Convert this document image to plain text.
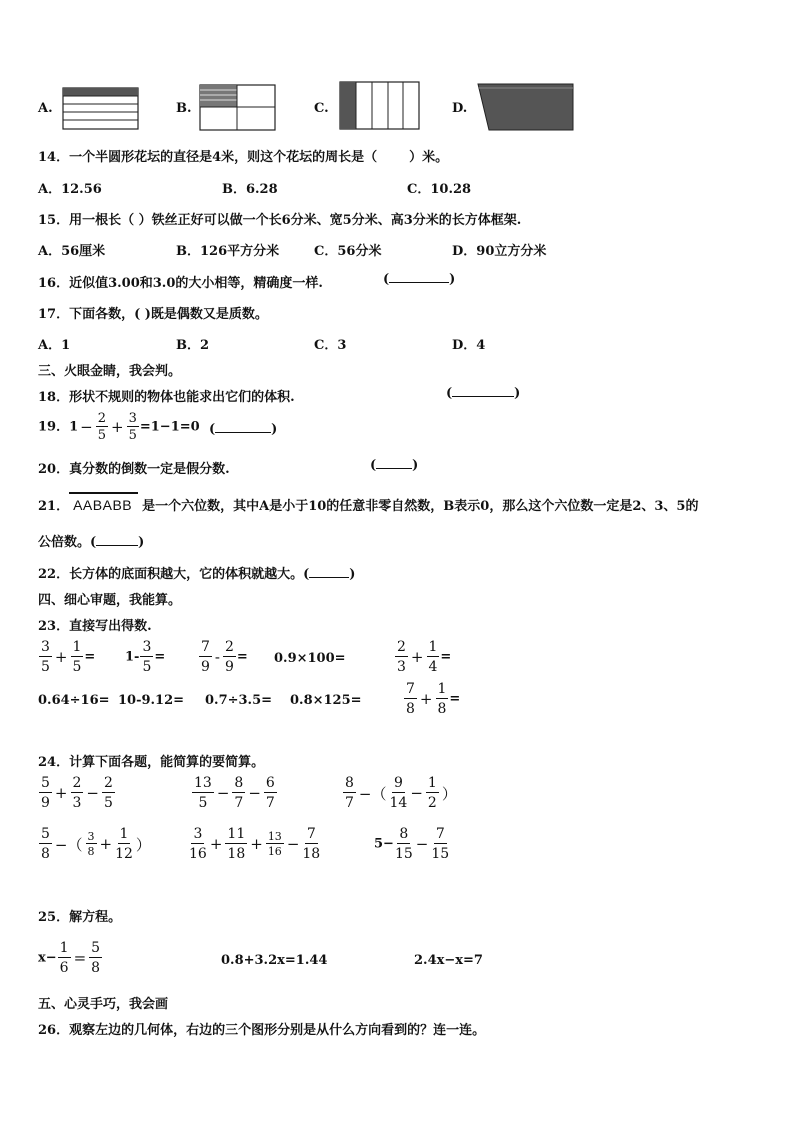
A.	B.	C.	D.
14．一个半圆形花坛的直径是4米，则这个花坛的周长是（ ）米。
A．12.56	B．6.28	C．10.28
15．用一根长（ ）铁丝正好可以做一个长6分米、宽5分米、高3分米的长方体框架.
A．56厘米	B．126平方分米	C．56分米	D．90立方分米
16．近似值3.00和3.0的大小相等，精确度一样.	(	)
17．下面各数，( )既是偶数又是质数。
A．1	B．2	C．3	D．4
三、火眼金睛，我会判。
18．形状不规则的物体也能求出它们的体积.	(	)
19．$1 - \frac{2}{5} + \frac{3}{5} =1-1=0$ (	)
20．真分数的倒数一定是假分数.	(	)
21． AABABB 是一个六位数，其中A是小于10的任意非零自然数，B表示0，那么这个六位数一定是2、3、5的
公倍数。(	)
22．长方体的底面积越大，它的体积就越大。(	)
四、细心审题，我能算。
23．直接写出得数.
$\frac{3}{5} + \frac{1}{5} = 1- \frac{3}{5} = \frac{7}{9} - \frac{2}{9} = 0.9\times 100=$	$\frac{2}{3} + \frac{1}{4}$ =
0.64÷16= 10-9.12= 0.7÷3.5= 0.8×125=	$\frac{7}{8} + \frac{1}{8}$ =
24．计算下面各题，能简算的要简算。
$\frac{5}{9} + \frac{2}{3} - \frac{2}{5}$	$\frac{13}{5} - \frac{8}{7} - \frac{6}{7}$	$\frac{8}{7}$ −（ $\frac{9}{14} - \frac{1}{2}$ ）
$\frac{5}{8}$ −（ $\frac{3}{8} + \frac{1}{12}$ ）	$\frac{3}{16} + \frac{11}{18} + \frac{13}{16} - \frac{7}{18}$	$5- \frac{8}{15} - \frac{7}{15}$
25．解方程。
$x- \frac{1}{6} = \frac{5}{8}$	0.8+3.2x=1.44	2.4x−x=7
五、心灵手巧，我会画
26．观察左边的几何体，右边的三个图形分别是从什么方向看到的？连一连。
